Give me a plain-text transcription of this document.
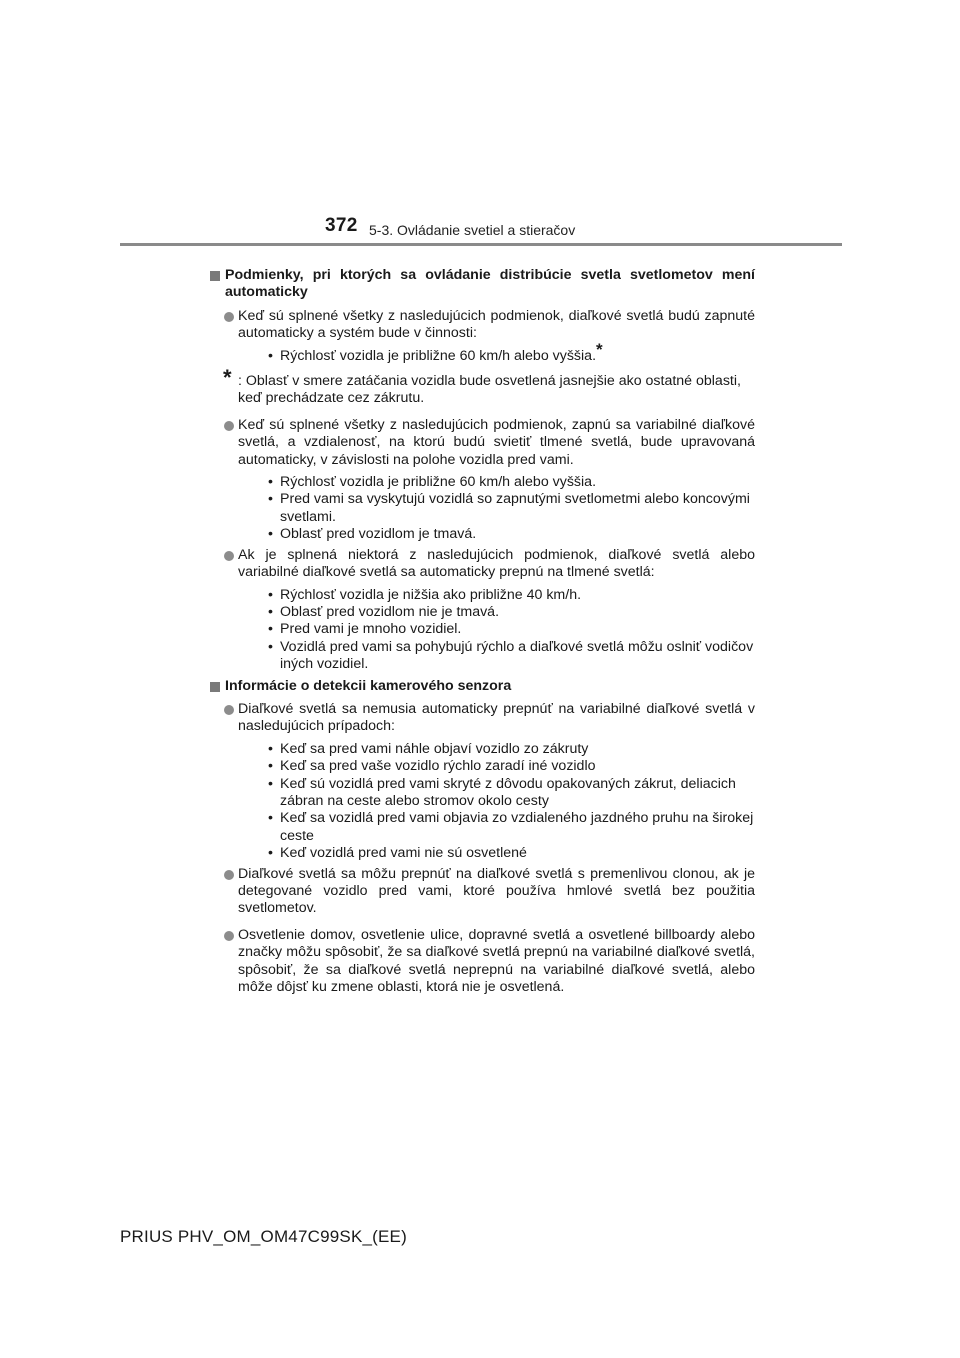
372 5-3. Ovládanie svetiel a stieračov
Podmienky, pri ktorých sa ovládanie distribúcie svetla svetlometov mení automaticky
Keď sú splnené všetky z nasledujúcich podmienok, diaľkové svetlá budú zapnuté automaticky a systém bude v činnosti:
• Rýchlosť vozidla je približne 60 km/h alebo vyššia.*
* : Oblasť v smere zatáčania vozidla bude osvetlená jasnejšie ako ostatné oblasti, keď prechádzate cez zákrutu.
Keď sú splnené všetky z nasledujúcich podmienok, zapnú sa variabilné diaľkové svetlá, a vzdialenosť, na ktorú budú svietiť tlmené svetlá, bude upravovaná automaticky, v závislosti na polohe vozidla pred vami.
• Rýchlosť vozidla je približne 60 km/h alebo vyššia.
• Pred vami sa vyskytujú vozidlá so zapnutými svetlometmi alebo koncovými svetlami.
• Oblasť pred vozidlom je tmavá.
Ak je splnená niektorá z nasledujúcich podmienok, diaľkové svetlá alebo variabilné diaľkové svetlá sa automaticky prepnú na tlmené svetlá:
• Rýchlosť vozidla je nižšia ako približne 40 km/h.
• Oblasť pred vozidlom nie je tmavá.
• Pred vami je mnoho vozidiel.
• Vozidlá pred vami sa pohybujú rýchlo a diaľkové svetlá môžu oslniť vodičov iných vozidiel.
Informácie o detekcii kamerového senzora
Diaľkové svetlá sa nemusia automaticky prepnúť na variabilné diaľkové svetlá v nasledujúcich prípadoch:
• Keď sa pred vami náhle objaví vozidlo zo zákruty
• Keď sa pred vaše vozidlo rýchlo zaradí iné vozidlo
• Keď sú vozidlá pred vami skryté z dôvodu opakovaných zákrut, deliacich zábran na ceste alebo stromov okolo cesty
• Keď sa vozidlá pred vami objavia zo vzdialeného jazdného pruhu na širokej ceste
• Keď vozidlá pred vami nie sú osvetlené
Diaľkové svetlá sa môžu prepnúť na diaľkové svetlá s premenlivou clonou, ak je detegované vozidlo pred vami, ktoré používa hmlové svetlá bez použitia svetlometov.
Osvetlenie domov, osvetlenie ulice, dopravné svetlá a osvetlené billboardy alebo značky môžu spôsobiť, že sa diaľkové svetlá prepnú na variabilné diaľkové svetlá, spôsobiť, že sa diaľkové svetlá neprepnú na variabilné diaľkové svetlá, alebo môže dôjsť ku zmene oblasti, ktorá nie je osvetlená.
PRIUS PHV_OM_OM47C99SK_(EE)
